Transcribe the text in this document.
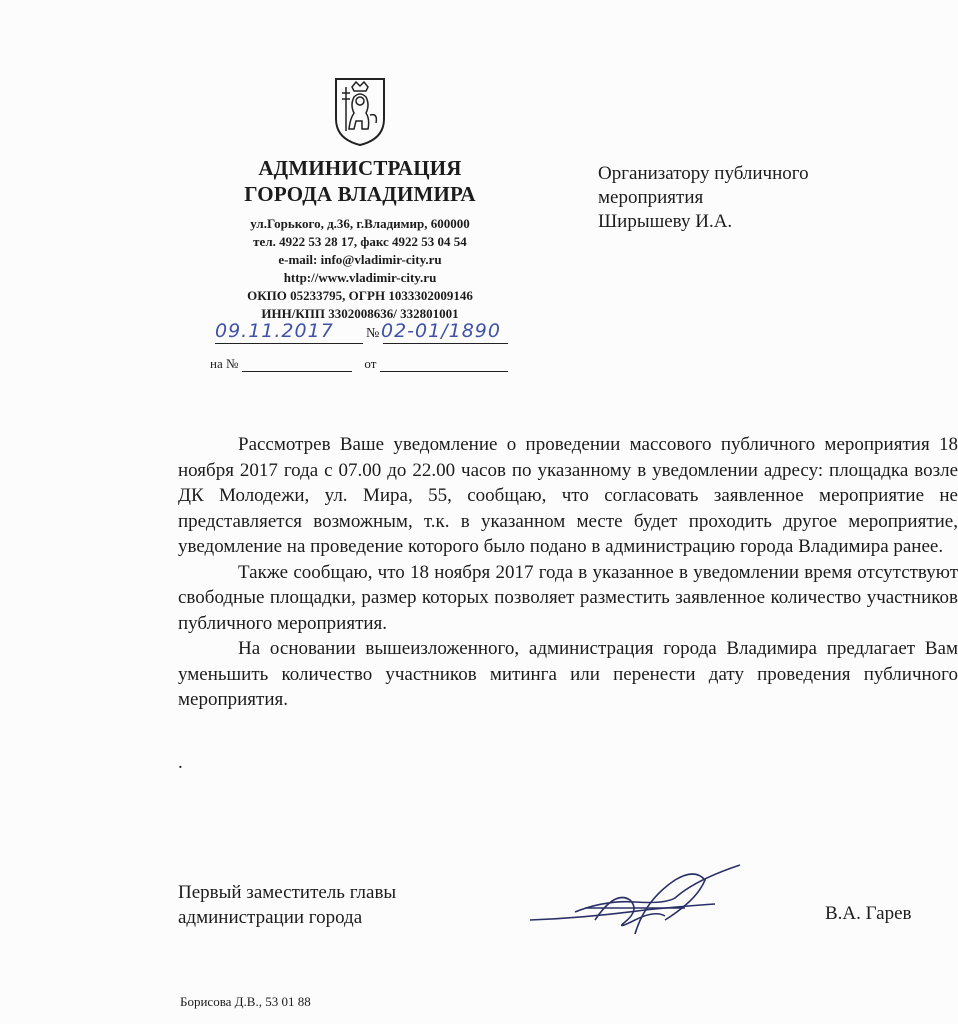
АДМИНИСТРАЦИЯ
ГОРОДА ВЛАДИМИРА
ул.Горького, д.36, г.Владимир, 600000
тел. 4922 53 28 17, факс 4922 53 04 54
e-mail: info@vladimir-city.ru
http://www.vladimir-city.ru
ОКПО 05233795, ОГРН 1033302009146
ИНН/КПП 3302008636/ 332801001
09.11.2017 № 02-01/1890
на №	от
Организатору публичного
мероприятия
Ширышеву И.А.

Рассмотрев Ваше уведомление о проведении массового публичного мероприятия 18 ноября 2017 года с 07.00 до 22.00 часов по указанному в уведомлении адресу: площадка возле ДК Молодежи, ул. Мира, 55, сообщаю, что согласовать заявленное мероприятие не представляется возможным, т.к. в указанном месте будет проходить другое мероприятие, уведомление на проведение которого было подано в администрацию города Владимира ранее.

Также сообщаю, что 18 ноября 2017 года в указанное в уведомлении время отсутствуют свободные площадки, размер которых позволяет разместить заявленное количество участников публичного мероприятия.

На основании вышеизложенного, администрация города Владимира предлагает Вам уменьшить количество участников митинга или перенести дату проведения публичного мероприятия.

.
Первый заместитель главы
администрации города	В.А. Гарев
Борисова Д.В., 53 01 88
